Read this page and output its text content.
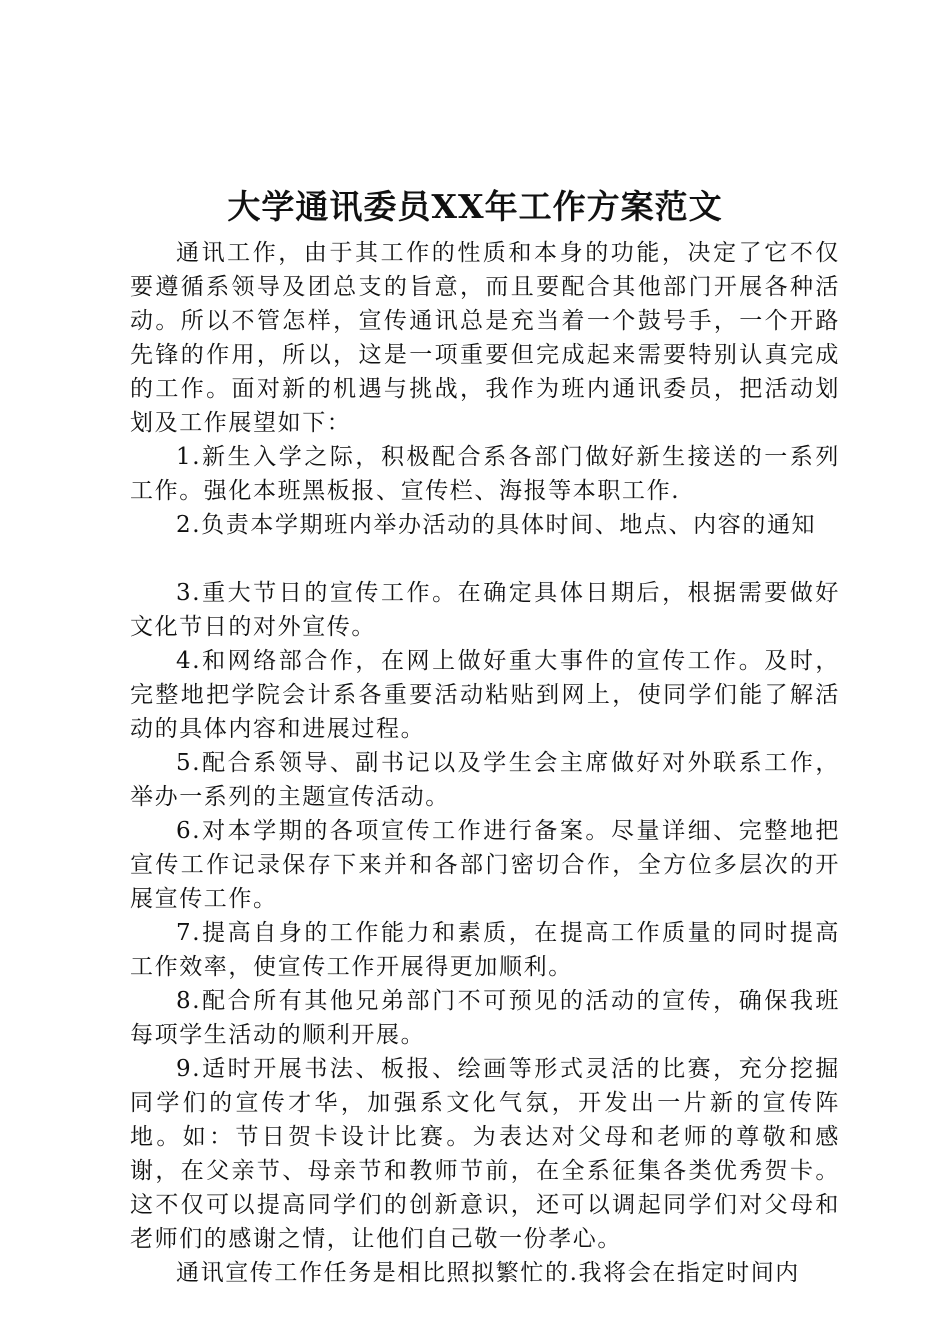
大学通讯委员XX年工作方案范文

通讯工作，由于其工作的性质和本身的功能，决定了它不仅要遵循系领导及团总支的旨意，而且要配合其他部门开展各种活动。所以不管怎样，宣传通讯总是充当着一个鼓号手，一个开路先锋的作用，所以，这是一项重要但完成起来需要特别认真完成的工作。面对新的机遇与挑战，我作为班内通讯委员，把活动划划及工作展望如下：

1.新生入学之际，积极配合系各部门做好新生接送的一系列工作。强化本班黑板报、宣传栏、海报等本职工作.

2.负责本学期班内举办活动的具体时间、地点、内容的通知

3.重大节日的宣传工作。在确定具体日期后，根据需要做好文化节日的对外宣传。

4.和网络部合作，在网上做好重大事件的宣传工作。及时，完整地把学院会计系各重要活动粘贴到网上，使同学们能了解活动的具体内容和进展过程。

5.配合系领导、副书记以及学生会主席做好对外联系工作，举办一系列的主题宣传活动。

6.对本学期的各项宣传工作进行备案。尽量详细、完整地把宣传工作记录保存下来并和各部门密切合作，全方位多层次的开展宣传工作。

7.提高自身的工作能力和素质，在提高工作质量的同时提高工作效率，使宣传工作开展得更加顺利。

8.配合所有其他兄弟部门不可预见的活动的宣传，确保我班每项学生活动的顺利开展。

9.适时开展书法、板报、绘画等形式灵活的比赛，充分挖掘同学们的宣传才华，加强系文化气氛，开发出一片新的宣传阵地。如：节日贺卡设计比赛。为表达对父母和老师的尊敬和感谢，在父亲节、母亲节和教师节前，在全系征集各类优秀贺卡。这不仅可以提高同学们的创新意识，还可以调起同学们对父母和老师们的感谢之情，让他们自己敬一份孝心。

通讯宣传工作任务是相比照拟繁忙的.我将会在指定时间内
